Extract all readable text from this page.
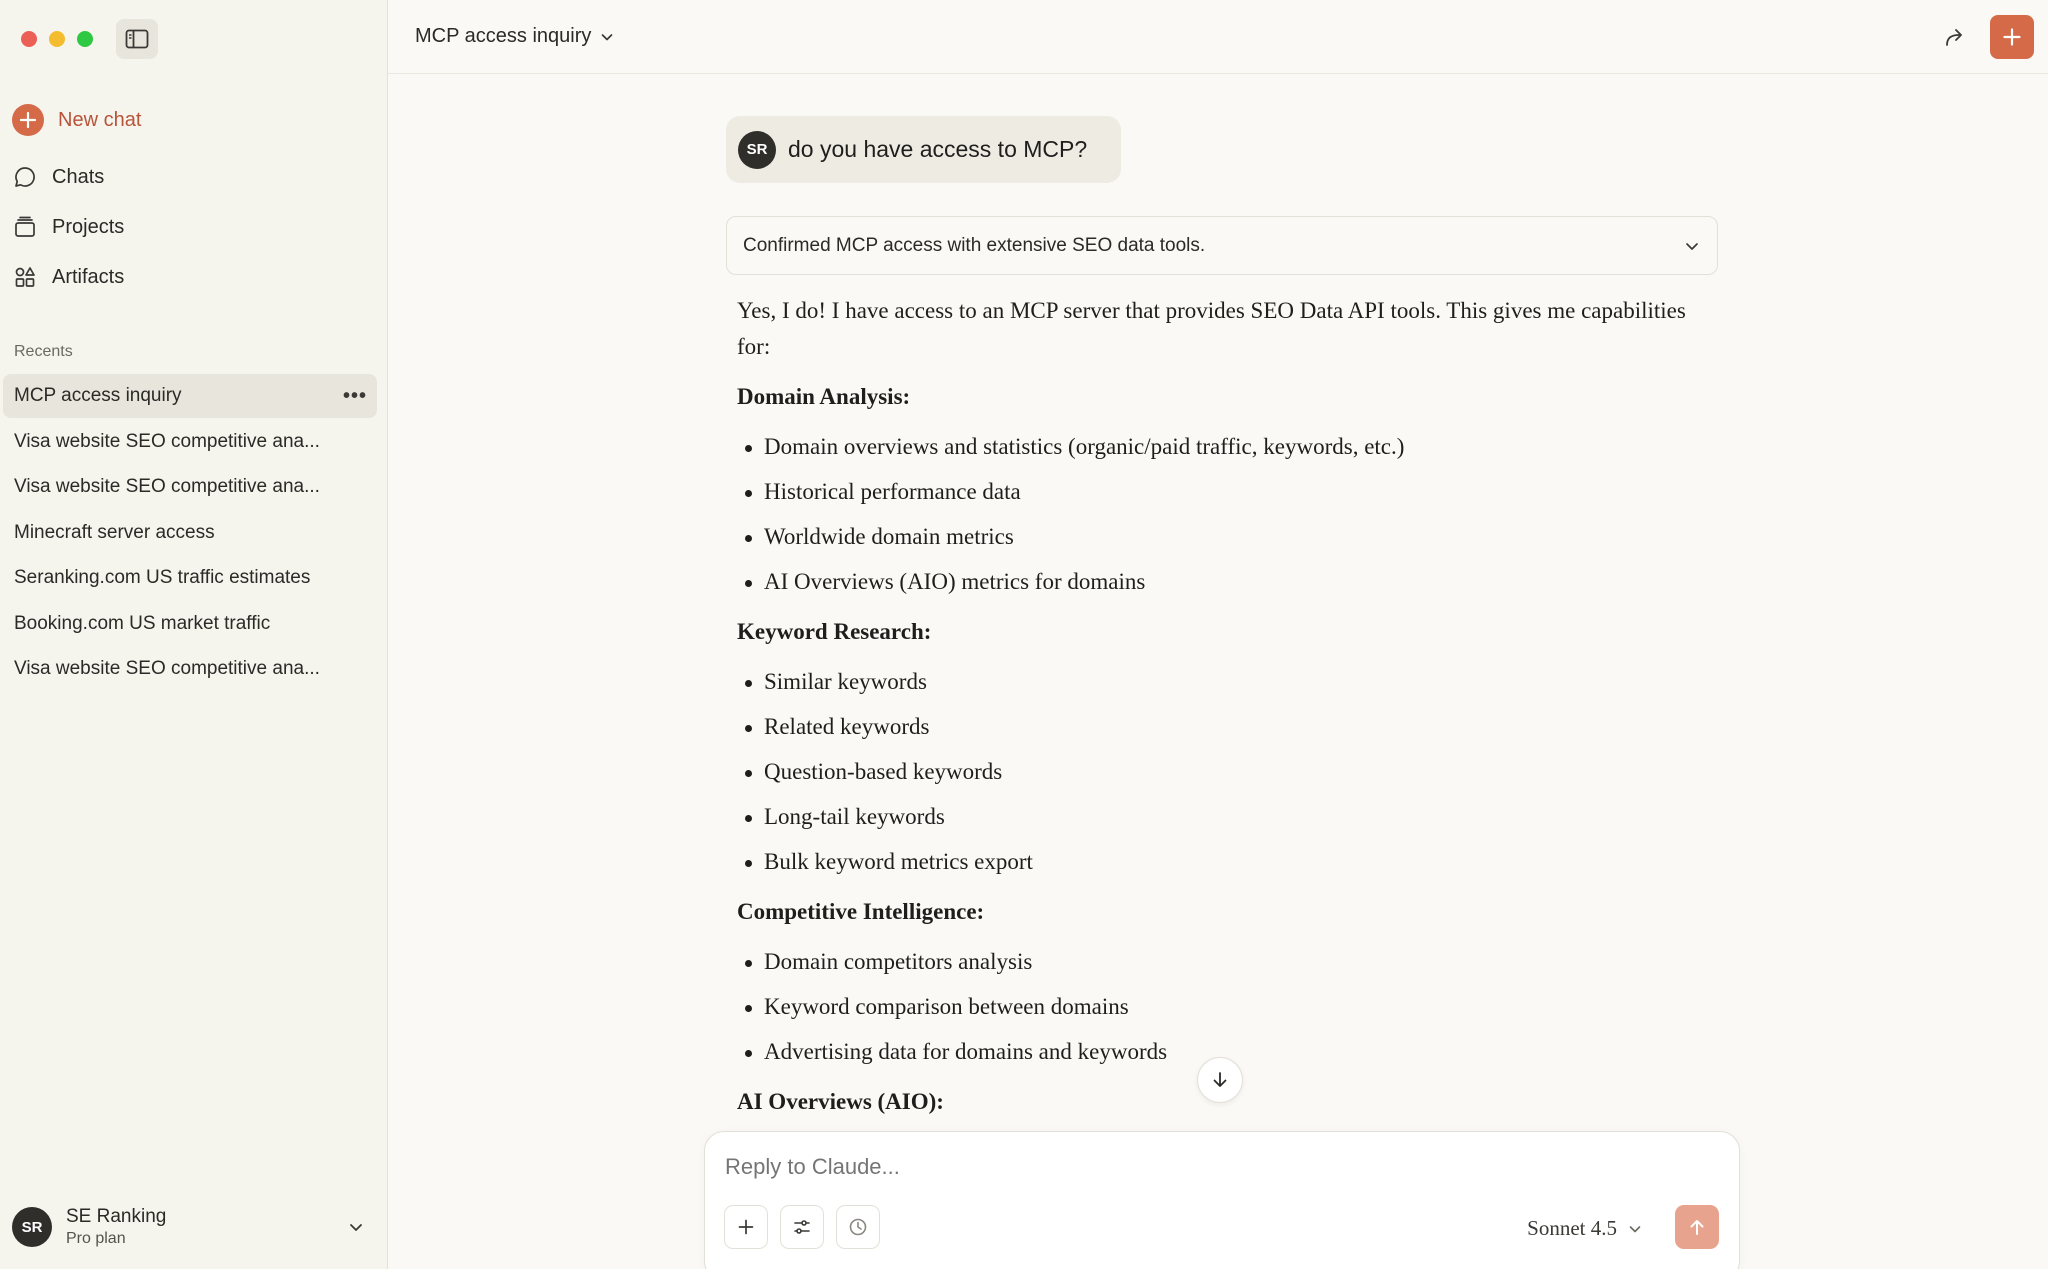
New chat
Chats
Projects
Artifacts
Recents
MCP access inquiry	•••
Visa website SEO competitive ana...
Visa website SEO competitive ana...
Minecraft server access
Seranking.com US traffic estimates
Booking.com US market traffic
Visa website SEO competitive ana...
SR	SE Ranking
Pro plan
MCP access inquiry
SR do you have access to MCP?
Confirmed MCP access with extensive SEO data tools.

Yes, I do! I have access to an MCP server that provides SEO Data API tools. This gives me capabilities for:

Domain Analysis:
Domain overviews and statistics (organic/paid traffic, keywords, etc.)
Historical performance data
Worldwide domain metrics
AI Overviews (AIO) metrics for domains
Keyword Research:
Similar keywords
Related keywords
Question-based keywords
Long-tail keywords
Bulk keyword metrics export
Competitive Intelligence:
Domain competitors analysis
Keyword comparison between domains
Advertising data for domains and keywords
AI Overviews (AIO):
Reply to Claude...
Sonnet 4.5
